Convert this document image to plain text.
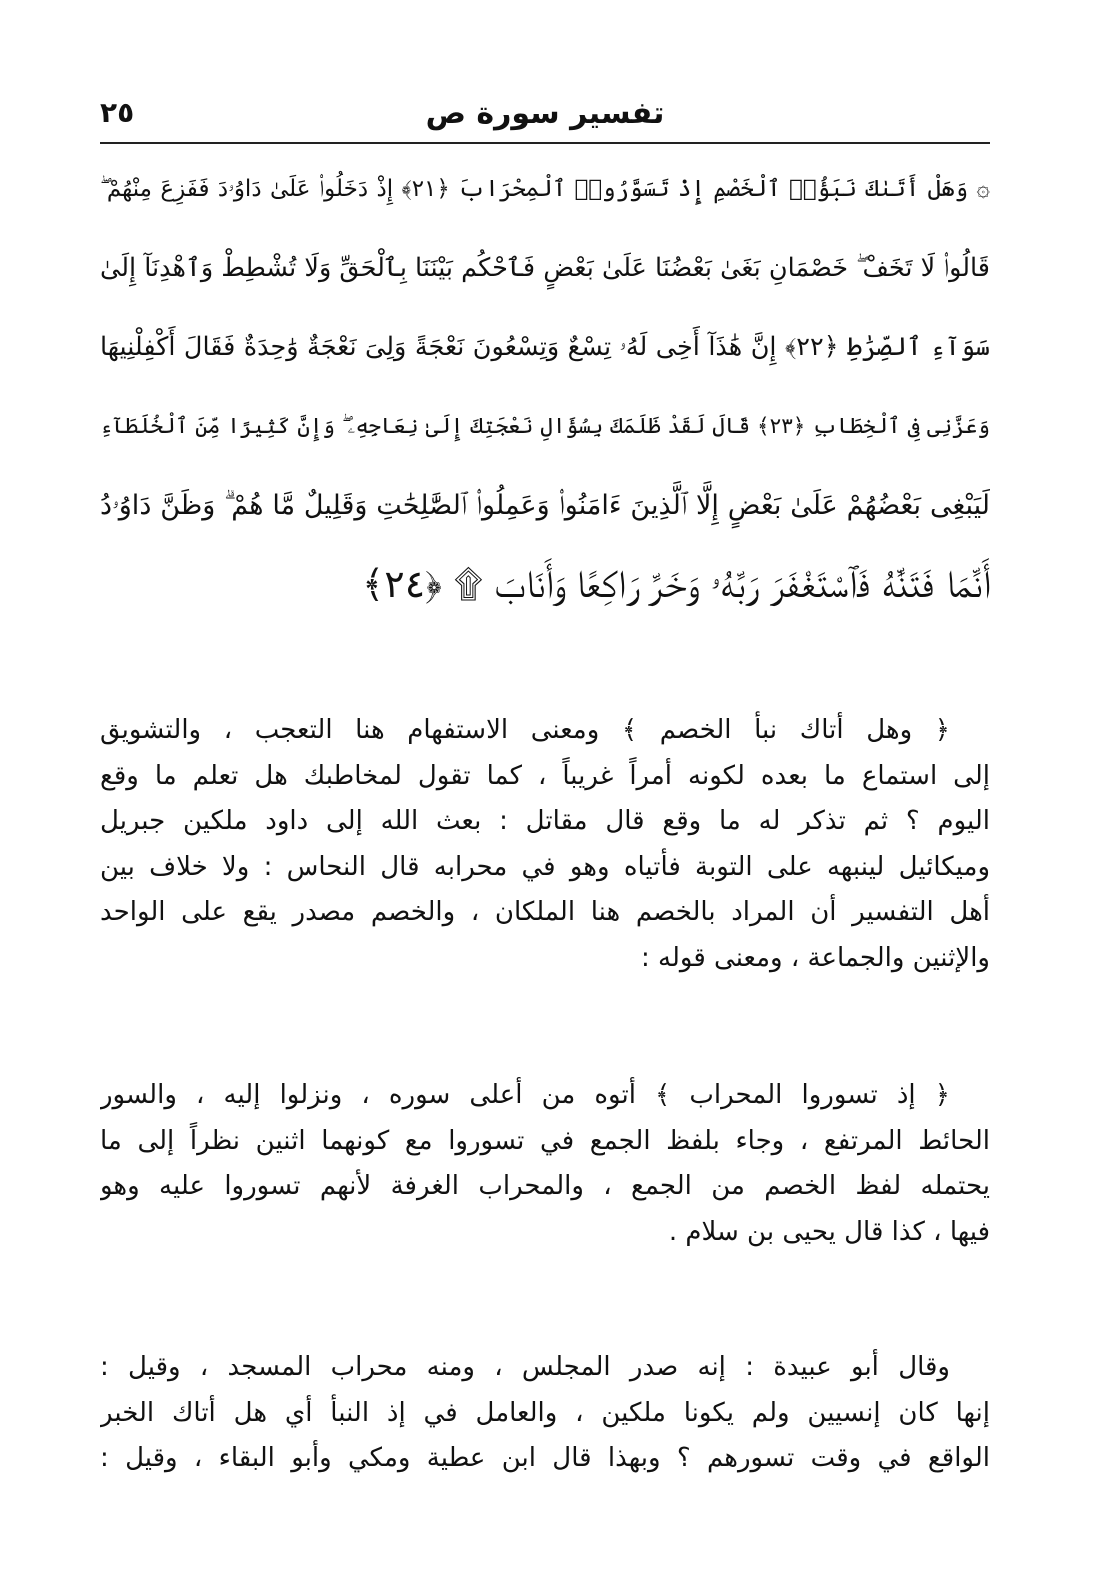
تفسير سورة ص
٢٥
۞ وَهَلْ أَتَىٰكَ نَبَؤُا۟ ٱلْخَصْمِ إِذْ تَسَوَّرُوا۟ ٱلْمِحْرَابَ ﴿٢١﴾ إِذْ دَخَلُوا۟ عَلَىٰ دَاوُۥدَ فَفَزِعَ مِنْهُمْ ۖ
قَالُوا۟ لَا تَخَفْ ۖ خَصْمَانِ بَغَىٰ بَعْضُنَا عَلَىٰ بَعْضٍ فَٱحْكُم بَيْنَنَا بِٱلْحَقِّ وَلَا تُشْطِطْ وَٱهْدِنَآ إِلَىٰ
سَوَآءِ ٱلصِّرَٰطِ ﴿٢٢﴾ إِنَّ هَٰذَآ أَخِى لَهُۥ تِسْعٌ وَتِسْعُونَ نَعْجَةً وَلِىَ نَعْجَةٌ وَٰحِدَةٌ فَقَالَ أَكْفِلْنِيهَا
وَعَزَّنِى فِى ٱلْخِطَابِ ﴿٢٣﴾ قَالَ لَقَدْ ظَلَمَكَ بِسُؤَالِ نَعْجَتِكَ إِلَىٰ نِعَاجِهِۦ ۖ وَإِنَّ كَثِيرًا مِّنَ ٱلْخُلَطَآءِ
لَيَبْغِى بَعْضُهُمْ عَلَىٰ بَعْضٍ إِلَّا ٱلَّذِينَ ءَامَنُوا۟ وَعَمِلُوا۟ ٱلصَّٰلِحَٰتِ وَقَلِيلٌ مَّا هُمْ ۗ وَظَنَّ دَاوُۥدُ
أَنَّمَا فَتَنَّٰهُ فَٱسْتَغْفَرَ رَبَّهُۥ وَخَرَّ رَاكِعًا وَأَنَابَ ۩ ﴿٢٤﴾
﴿ وهل أتاك نبأ الخصم ﴾ ومعنى الاستفهام هنا التعجب ، والتشويق
إلى استماع ما بعده لكونه أمراً غريباً ، كما تقول لمخاطبك هل تعلم ما وقع
اليوم ؟ ثم تذكر له ما وقع قال مقاتل : بعث الله إلى داود ملكين جبريل
وميكائيل لينبهه على التوبة فأتياه وهو في محرابه قال النحاس : ولا خلاف بين
أهل التفسير أن المراد بالخصم هنا الملكان ، والخصم مصدر يقع على الواحد
والإثنين والجماعة ، ومعنى قوله :
﴿ إذ تسوروا المحراب ﴾ أتوه من أعلى سوره ، ونزلوا إليه ، والسور
الحائط المرتفع ، وجاء بلفظ الجمع في تسوروا مع كونهما اثنين نظراً إلى ما
يحتمله لفظ الخصم من الجمع ، والمحراب الغرفة لأنهم تسوروا عليه وهو
فيها ، كذا قال يحيى بن سلام .
وقال أبو عبيدة : إنه صدر المجلس ، ومنه محراب المسجد ، وقيل :
إنها كان إنسيين ولم يكونا ملكين ، والعامل في إذ النبأ أي هل أتاك الخبر
الواقع في وقت تسورهم ؟ وبهذا قال ابن عطية ومكي وأبو البقاء ، وقيل :
